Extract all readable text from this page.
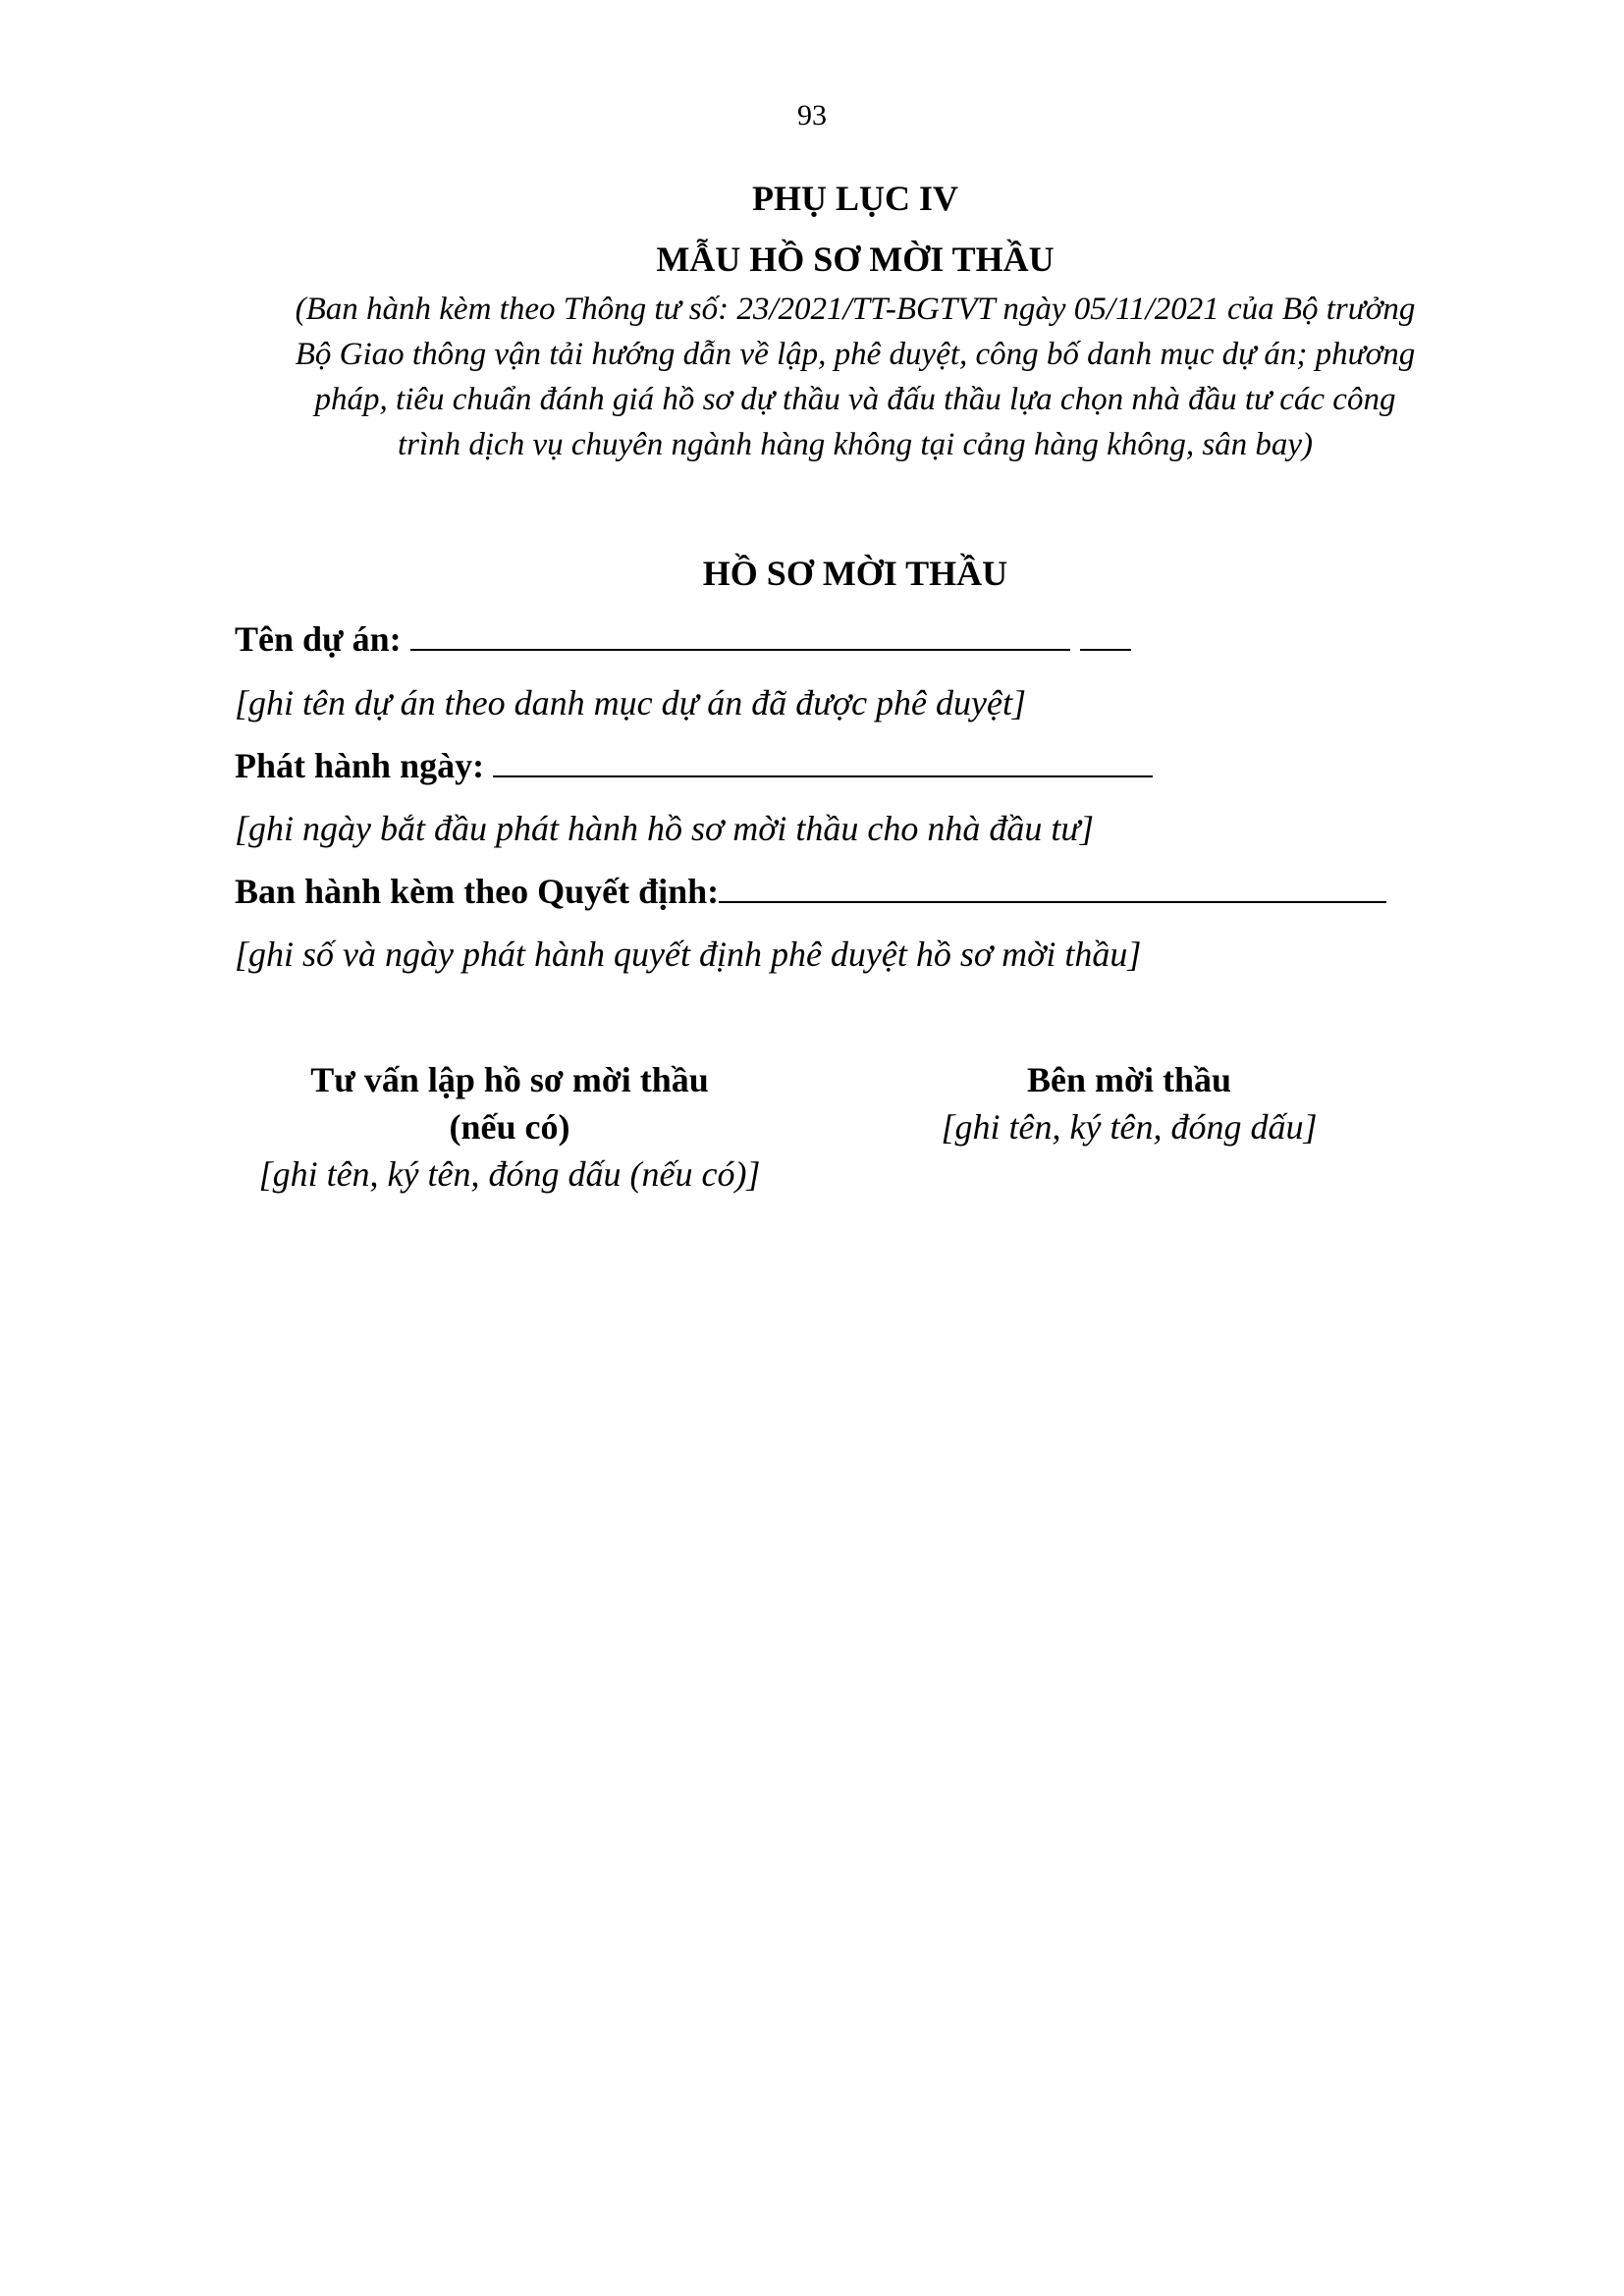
93
PHỤ LỤC IV
MẪU HỒ SƠ MỜI THẦU

(Ban hành kèm theo Thông tư số: 23/2021/TT-BGTVT ngày 05/11/2021 của Bộ trưởng
Bộ Giao thông vận tải hướng dẫn về lập, phê duyệt, công bố danh mục dự án; phương
pháp, tiêu chuẩn đánh giá hồ sơ dự thầu và đấu thầu lựa chọn nhà đầu tư các công
trình dịch vụ chuyên ngành hàng không tại cảng hàng không, sân bay)

HỒ SƠ MỜI THẦU
Tên dự án:
[ghi tên dự án theo danh mục dự án đã được phê duyệt]
Phát hành ngày:
[ghi ngày bắt đầu phát hành hồ sơ mời thầu cho nhà đầu tư]
Ban hành kèm theo Quyết định:
[ghi số và ngày phát hành quyết định phê duyệt hồ sơ mời thầu]
Tư vấn lập hồ sơ mời thầu
(nếu có)
[ghi tên, ký tên, đóng dấu (nếu có)]
Bên mời thầu
[ghi tên, ký tên, đóng dấu]
